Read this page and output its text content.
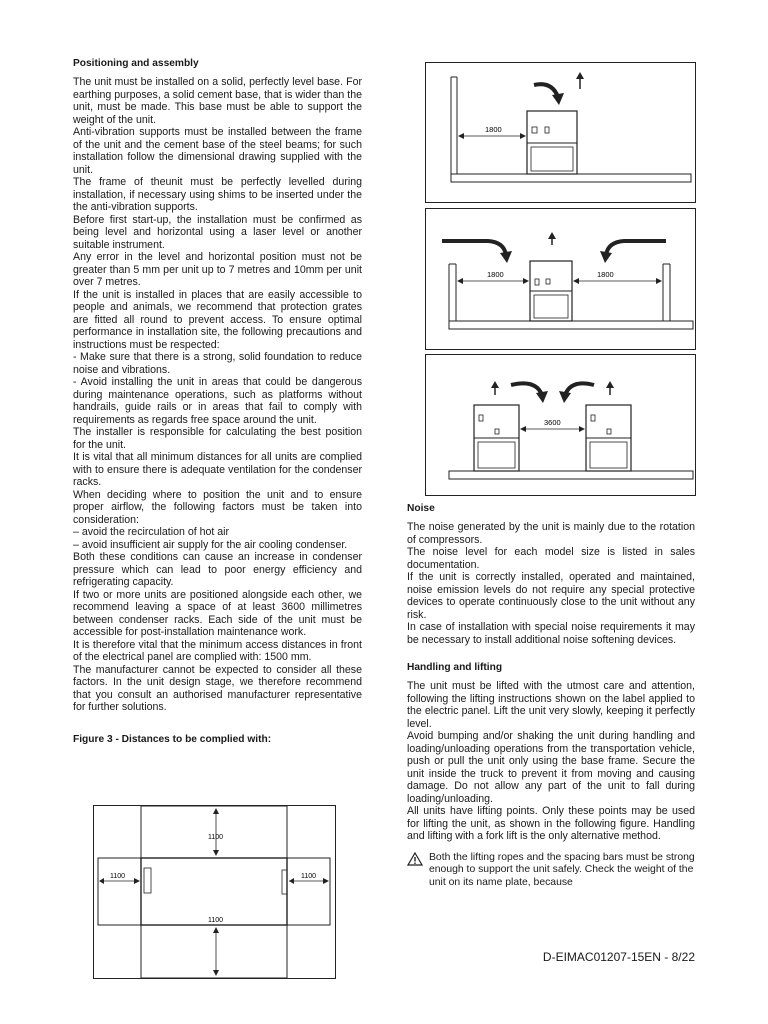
Positioning and assembly

The unit must be installed on a solid, perfectly level base. For earthing purposes, a solid cement base, that is wider than the unit, must be made. This base must be able to support the weight of the unit.

Anti-vibration supports must be installed between the frame of the unit and the cement base of the steel beams; for such installation follow the dimensional drawing supplied with the unit.

The frame of theunit must be perfectly levelled during installation, if necessary using shims to be inserted under the the anti-vibration supports.

Before first start-up, the installation must be confirmed as being level and horizontal using a laser level or another suitable instrument.

Any error in the level and horizontal position must not be greater than 5 mm per unit up to 7 metres and 10mm per unit over 7 metres.

If the unit is installed in places that are easily accessible to people and animals, we recommend that protection grates are fitted all round to prevent access. To ensure optimal performance in installation site, the following precautions and instructions must be respected:

- Make sure that there is a strong, solid foundation to reduce noise and vibrations.

- Avoid installing the unit in areas that could be dangerous during maintenance operations, such as platforms without handrails, guide rails or in areas that fail to comply with requirements as regards free space around the unit.

The installer is responsible for calculating the best position for the unit.

It is vital that all minimum distances for all units are complied with to ensure there is adequate ventilation for the condenser racks.

When deciding where to position the unit and to ensure proper airflow, the following factors must be taken into consideration:

– avoid the recirculation of hot air

– avoid insufficient air supply for the air cooling condenser.

Both these conditions can cause an increase in condenser pressure which can lead to poor energy efficiency and refrigerating capacity.

If two or more units are positioned alongside each other, we recommend leaving a space of at least 3600 millimetres between condenser racks. Each side of the unit must be accessible for post-installation maintenance work.

It is therefore vital that the minimum access distances in front of the electrical panel are complied with: 1500 mm.

The manufacturer cannot be expected to consider all these factors. In the unit design stage, we therefore recommend that you consult an authorised manufacturer representative for further solutions.

Figure 3 - Distances to be complied with:
1100
1100
1100	1100
1800
1800	1800
3600
Noise

The noise generated by the unit is mainly due to the rotation of compressors.

The noise level for each model size is listed in sales documentation.

If the unit is correctly installed, operated and maintained, noise emission levels do not require any special protective devices to operate continuously close to the unit without any risk.

In case of installation with special noise requirements it may be necessary to install additional noise softening devices.

Handling and lifting

The unit must be lifted with the utmost care and attention, following the lifting instructions shown on the label applied to the electric panel. Lift the unit very slowly, keeping it perfectly level.

Avoid bumping and/or shaking the unit during handling and loading/unloading operations from the transportation vehicle, push or pull the unit only using the base frame. Secure the unit inside the truck to prevent it from moving and causing damage. Do not allow any part of the unit to fall during loading/unloading.

All units have lifting points. Only these points may be used for lifting the unit, as shown in the following figure. Handling and lifting with a fork lift is the only alternative method.

Both the lifting ropes and the spacing bars must be strong enough to support the unit safely. Check the weight of the unit on its name plate, because
D-EIMAC01207-15EN - 8/22
